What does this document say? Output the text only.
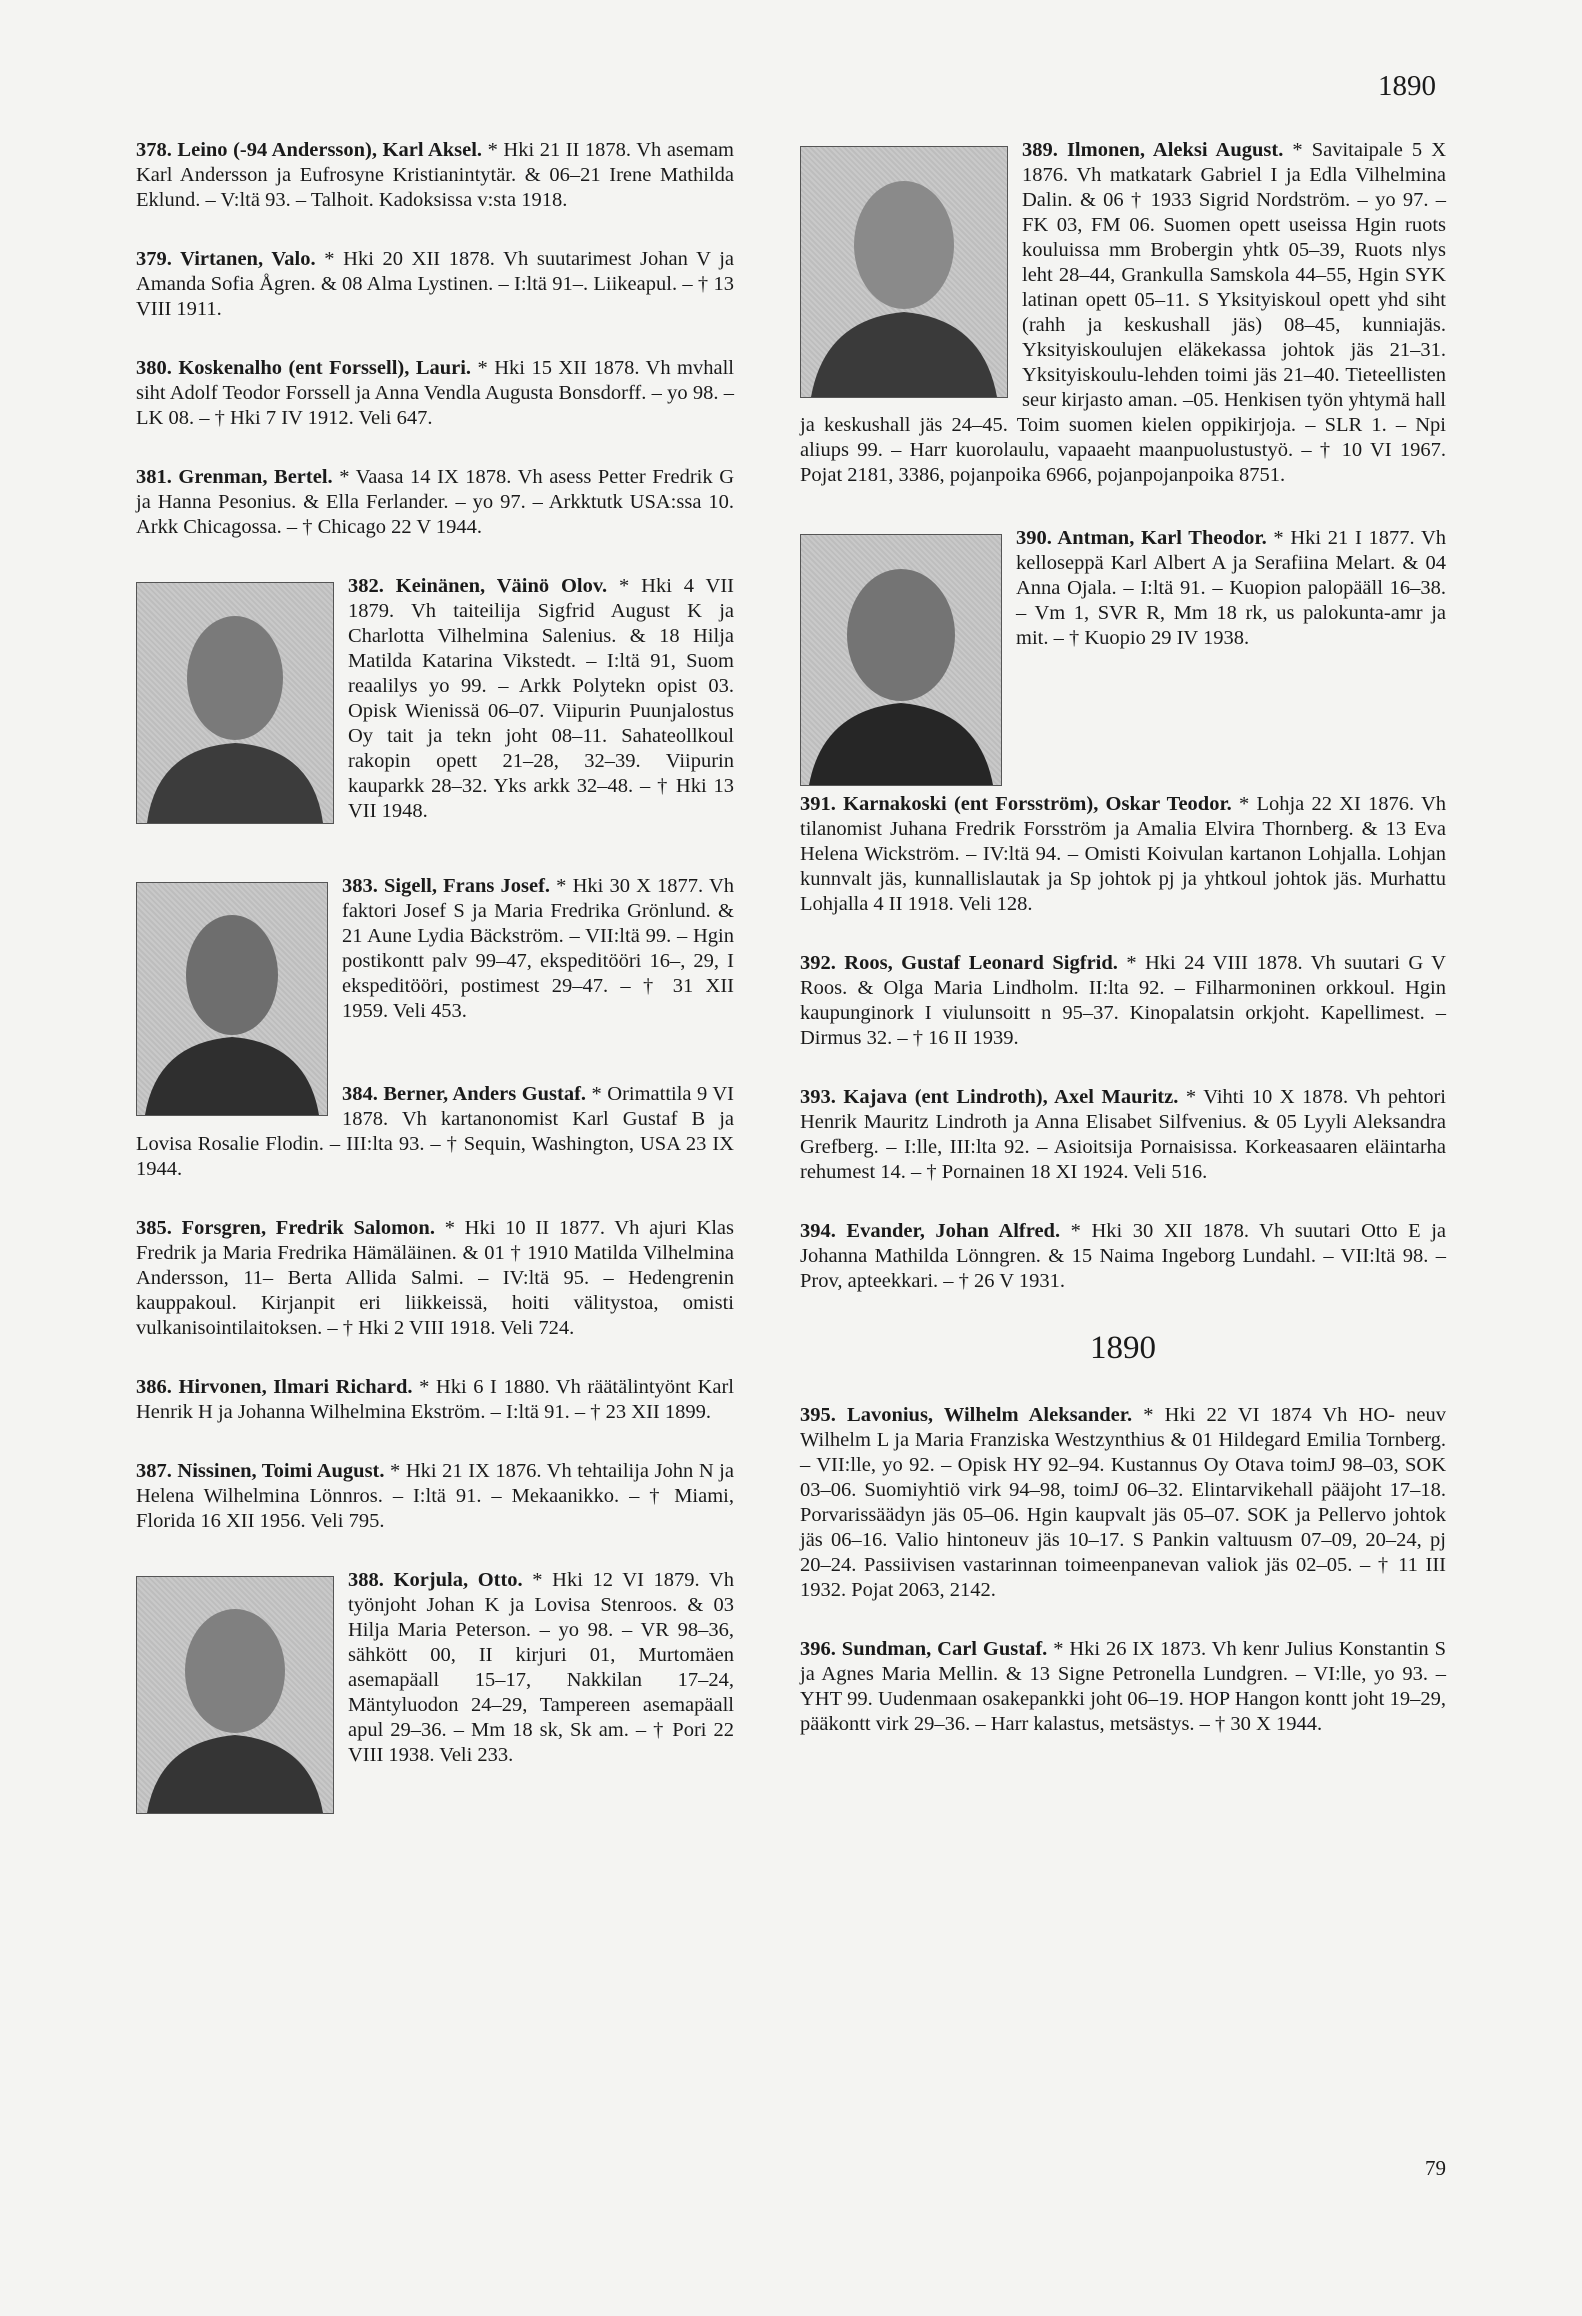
1890

378. Leino (-94 Andersson), Karl Aksel. * Hki 21 II 1878. Vh asemam Karl Andersson ja Eufrosyne Kristianintytär. & 06–21 Irene Mathilda Eklund. – V:ltä 93. – Talhoit. Kadoksissa v:sta 1918.

379. Virtanen, Valo. * Hki 20 XII 1878. Vh suutarimest Johan V ja Amanda Sofia Ågren. & 08 Alma Lystinen. – I:ltä 91–. Liikeapul. – † 13 VIII 1911.

380. Koskenalho (ent Forssell), Lauri. * Hki 15 XII 1878. Vh mvhall siht Adolf Teodor Forssell ja Anna Vendla Augusta Bonsdorff. – yo 98. – LK 08. – † Hki 7 IV 1912. Veli 647.

381. Grenman, Bertel. * Vaasa 14 IX 1878. Vh asess Petter Fredrik G ja Hanna Pesonius. & Ella Ferlander. – yo 97. – Arkktutk USA:ssa 10. Arkk Chicagossa. – † Chicago 22 V 1944.

382. Keinänen, Väinö Olov.
* Hki 4 VII 1879. Vh taiteilija Sigfrid August K ja Charlotta Vilhelmina Salenius. & 18 Hilja Matilda Katarina Vikstedt. – I:ltä 91, Suom reaalilys yo 99. – Arkk Polytekn opist 03. Opisk Wienissä 06–07. Viipurin Puunjalostus Oy tait ja tekn joht 08–11. Sahateollkoul rakopin opett 21–28, 32–39. Viipurin kauparkk 28–32. Yks arkk 32–48. – † Hki 13 VII 1948.

383. Sigell, Frans Josef.
* Hki 30 X 1877. Vh faktori Josef S ja Maria Fredrika Grönlund. & 21 Aune Lydia Bäckström. – VII:ltä 99. – Hgin postikontt palv 99–47, ekspeditööri 16–, 29, I ekspeditööri, postimest 29–47. – † 31 XII 1959. Veli 453.

384. Berner, Anders Gustaf. * Orimattila 9 VI 1878. Vh kartanonomist Karl Gustaf B ja Lovisa Rosalie Flodin. – III:lta 93. – † Sequin, Washington, USA 23 IX 1944.

385. Forsgren, Fredrik Salomon. * Hki 10 II 1877. Vh ajuri Klas Fredrik ja Maria Fredrika Hämäläinen. & 01 † 1910 Matilda Vilhelmina Andersson, 11– Berta Allida Salmi. – IV:ltä 95. – Hedengrenin kauppakoul. Kirjanpit eri liikkeissä, hoiti välitystoa, omisti vulkanisointilaitoksen. – † Hki 2 VIII 1918. Veli 724.

386. Hirvonen, Ilmari Richard. * Hki 6 I 1880. Vh räätälintyönt Karl Henrik H ja Johanna Wilhelmina Ekström. – I:ltä 91. – † 23 XII 1899.

387. Nissinen, Toimi August. * Hki 21 IX 1876. Vh tehtailija John N ja Helena Wilhelmina Lönnros. – I:ltä 91. – Mekaanikko. – † Miami, Florida 16 XII 1956. Veli 795.

388. Korjula, Otto.
* Hki 12 VI 1879. Vh työnjoht Johan K ja Lovisa Stenroos. & 03 Hilja Maria Peterson. – yo 98. – VR 98–36, sähkött 00, II kirjuri 01, Murtomäen asemapäall 15–17, Nakkilan 17–24, Mäntyluodon 24–29, Tampereen asemapäall apul 29–36. – Mm 18 sk, Sk am. – † Pori 22 VIII 1938. Veli 233.

389. Ilmonen, Aleksi August.
* Savitaipale 5 X 1876. Vh matkatark Gabriel I ja Edla Vilhelmina Dalin. & 06 † 1933 Sigrid Nordström. – yo 97. – FK 03, FM 06. Suomen opett useissa Hgin ruots kouluissa mm Brobergin yhtk 05–39, Ruots nlys leht 28–44, Grankulla Samskola 44–55, Hgin SYK latinan opett 05–11. S Yksityiskoul opett yhd siht (rahh ja keskushall jäs) 08–45, kunniajäs. Yksityiskoulujen eläkekassa johtok jäs 21–31. Yksityiskoulu-lehden toimi jäs 21–40. Tieteellisten seur kirjasto aman. –05. Henkisen työn yhtymä hall ja keskushall jäs 24–45. Toim suomen kielen oppikirjoja. – SLR 1. – Npi aliups 99. – Harr kuorolaulu, vapaaeht maanpuolustustyö. – † 10 VI 1967. Pojat 2181, 3386, pojanpoika 6966, pojanpojanpoika 8751.

390. Antman, Karl Theodor.
* Hki 21 I 1877. Vh kelloseppä Karl Albert A ja Serafiina Melart. & 04 Anna Ojala. – I:ltä 91. – Kuopion palopääll 16–38. – Vm 1, SVR R, Mm 18 rk, us palokunta-amr ja mit. – † Kuopio 29 IV 1938.

391. Karnakoski (ent Forsström), Oskar Teodor. * Lohja 22 XI 1876. Vh tilanomist Juhana Fredrik Forsström ja Amalia Elvira Thornberg. & 13 Eva Helena Wickström. – IV:ltä 94. – Omisti Koivulan kartanon Lohjalla. Lohjan kunnvalt jäs, kunnallislautak ja Sp johtok pj ja yhtkoul johtok jäs. Murhattu Lohjalla 4 II 1918. Veli 128.

392. Roos, Gustaf Leonard Sigfrid. * Hki 24 VIII 1878. Vh suutari G V Roos. & Olga Maria Lindholm. II:lta 92. – Filharmoninen orkkoul. Hgin kaupunginork I viulunsoitt n 95–37. Kinopalatsin orkjoht. Kapellimest. – Dirmus 32. – † 16 II 1939.

393. Kajava (ent Lindroth), Axel Mauritz. * Vihti 10 X 1878. Vh pehtori Henrik Mauritz Lindroth ja Anna Elisabet Silfvenius. & 05 Lyyli Aleksandra Grefberg. – I:lle, III:lta 92. – Asioitsija Pornaisissa. Korkeasaaren eläintarha rehumest 14. – † Pornainen 18 XI 1924. Veli 516.

394. Evander, Johan Alfred. * Hki 30 XII 1878. Vh suutari Otto E ja Johanna Mathilda Lönngren. & 15 Naima Ingeborg Lundahl. – VII:ltä 98. – Prov, apteekkari. – † 26 V 1931.

1890

395. Lavonius, Wilhelm Aleksander. * Hki 22 VI 1874 Vh HO- neuv Wilhelm L ja Maria Franziska Westzynthius & 01 Hildegard Emilia Tornberg. – VII:lle, yo 92. – Opisk HY 92–94. Kustannus Oy Otava toimJ 98–03, SOK 03–06. Suomiyhtiö virk 94–98, toimJ 06–32. Elintarvikehall pääjoht 17–18. Porvarissäädyn jäs 05–06. Hgin kaupvalt jäs 05–07. SOK ja Pellervo johtok jäs 06–16. Valio hintoneuv jäs 10–17. S Pankin valtuusm 07–09, 20–24, pj 20–24. Passiivisen vastarinnan toimeenpanevan valiok jäs 02–05. – † 11 III 1932. Pojat 2063, 2142.

396. Sundman, Carl Gustaf. * Hki 26 IX 1873. Vh kenr Julius Konstantin S ja Agnes Maria Mellin. & 13 Signe Petronella Lundgren. – VI:lle, yo 93. – YHT 99. Uudenmaan osakepankki joht 06–19. HOP Hangon kontt joht 19–29, pääkontt virk 29–36. – Harr kalastus, metsästys. – † 30 X 1944.

79
